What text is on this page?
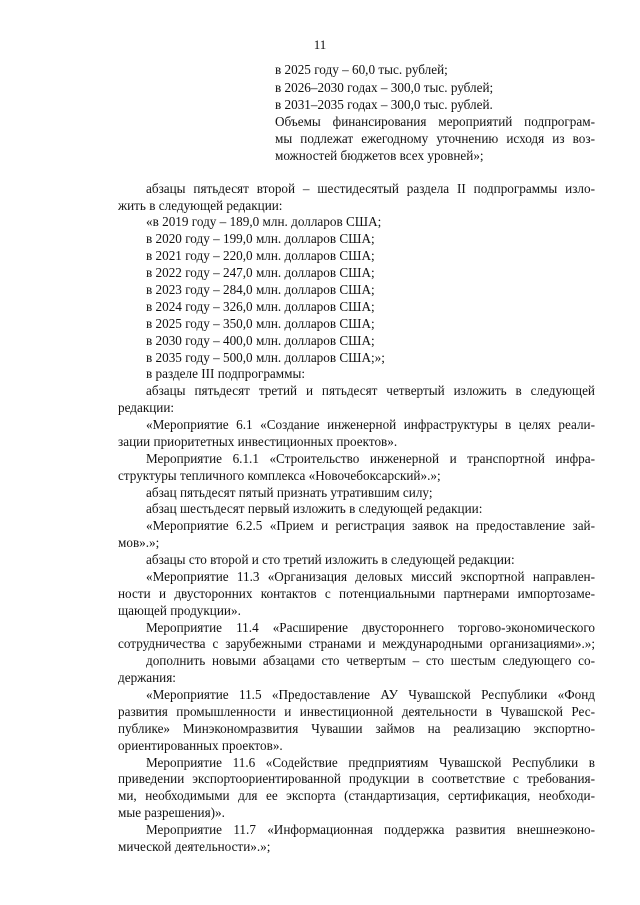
11
в 2025 году – 60,0 тыс. рублей;
в 2026–2030 годах – 300,0 тыс. рублей;
в 2031–2035 годах – 300,0 тыс. рублей.
Объемы финансирования мероприятий подпрограм-
мы подлежат ежегодному уточнению исходя из воз-
можностей бюджетов всех уровней»;
абзацы пятьдесят второй – шестидесятый раздела II подпрограммы изло-
жить в следующей редакции:
«в 2019 году – 189,0 млн. долларов США;
в 2020 году – 199,0 млн. долларов США;
в 2021 году – 220,0 млн. долларов США;
в 2022 году – 247,0 млн. долларов США;
в 2023 году – 284,0 млн. долларов США;
в 2024 году – 326,0 млн. долларов США;
в 2025 году – 350,0 млн. долларов США;
в 2030 году – 400,0 млн. долларов США;
в 2035 году – 500,0 млн. долларов США;»;
в разделе III подпрограммы:
абзацы пятьдесят третий и пятьдесят четвертый изложить в следующей
редакции:
«Мероприятие 6.1 «Создание инженерной инфраструктуры в целях реали-
зации приоритетных инвестиционных проектов».
Мероприятие 6.1.1 «Строительство инженерной и транспортной инфра-
структуры тепличного комплекса «Новочебоксарский».»;
абзац пятьдесят пятый признать утратившим силу;
абзац шестьдесят первый изложить в следующей редакции:
«Мероприятие 6.2.5 «Прием и регистрация заявок на предоставление зай-
мов».»;
абзацы сто второй и сто третий изложить в следующей редакции:
«Мероприятие 11.3 «Организация деловых миссий экспортной направлен-
ности и двусторонних контактов с потенциальными партнерами импортозаме-
щающей продукции».
Мероприятие 11.4 «Расширение двустороннего торгово-экономического
сотрудничества с зарубежными странами и международными организациями».»;
дополнить новыми абзацами сто четвертым – сто шестым следующего со-
держания:
«Мероприятие 11.5 «Предоставление АУ Чувашской Республики «Фонд
развития промышленности и инвестиционной деятельности в Чувашской Рес-
публике» Минэкономразвития Чувашии займов на реализацию экспортно-
ориентированных проектов».
Мероприятие 11.6 «Содействие предприятиям Чувашской Республики в
приведении экспортоориентированной продукции в соответствие с требования-
ми, необходимыми для ее экспорта (стандартизация, сертификация, необходи-
мые разрешения)».
Мероприятие 11.7 «Информационная поддержка развития внешнеэконо-
мической деятельности».»;
